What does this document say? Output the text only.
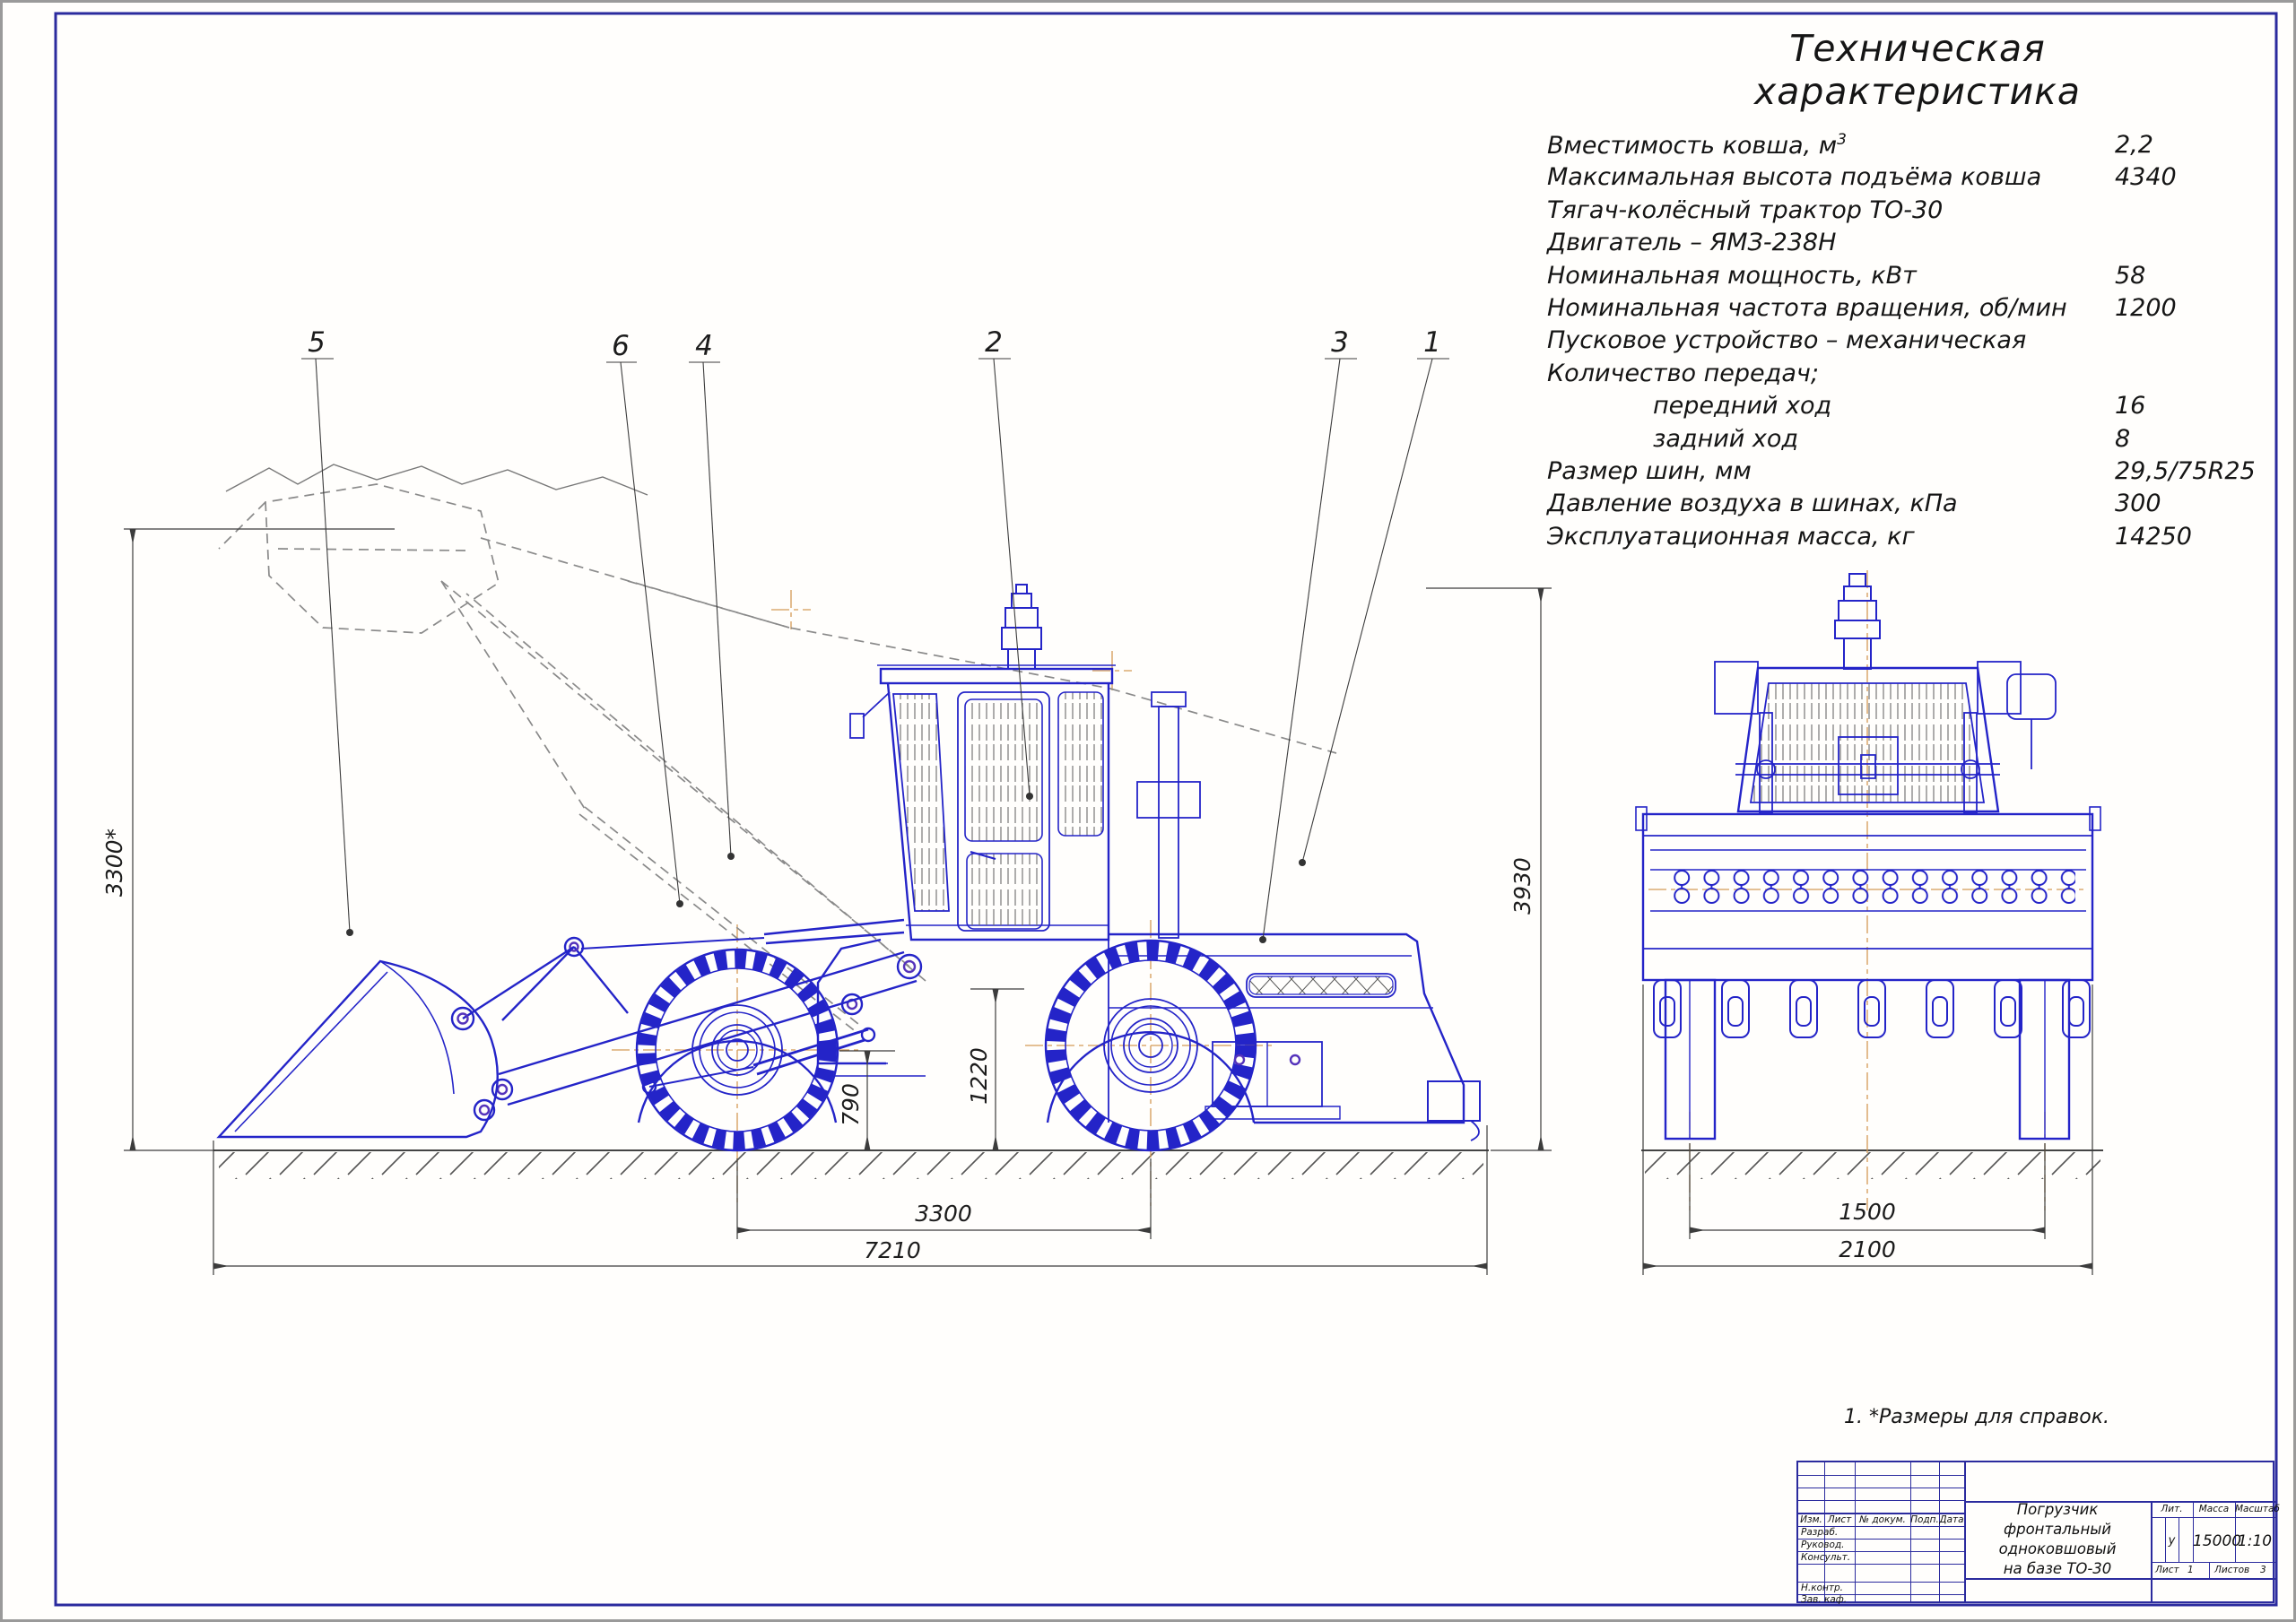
3300*	3930
790
1220
3300
7210
1500
2100
5	6 4	2	3	1
Техническая характеристика
Вместимость ковша, $м^3$	2,2
Максимальная высота подъёма ковша	4340
Тягач-колёсный трактор ТО-30
Двигатель – ЯМЗ-238Н
Номинальная мощность, кВт	58
Номинальная частота вращения, об/мин 1200
Пусковое устройство – механическая
Количество передач;
передний ход	16
задний ход	8
Размер шин, мм	29,5/75R25
Давление воздуха в шинах, кПа	300
Эксплуатационная масса, кг	14250
1. *Размеры для справок.
Изм. Лист № докум. Подп. Дата
Разраб.
Руковод.
Консульт.
Н.контр.
Зав. каф.
Погрузчик фронтальный
одноковшовый
на базе ТО-30
Лит.	Масса Масштаб
у 15000
1:10
Лист 1 Листов 3
